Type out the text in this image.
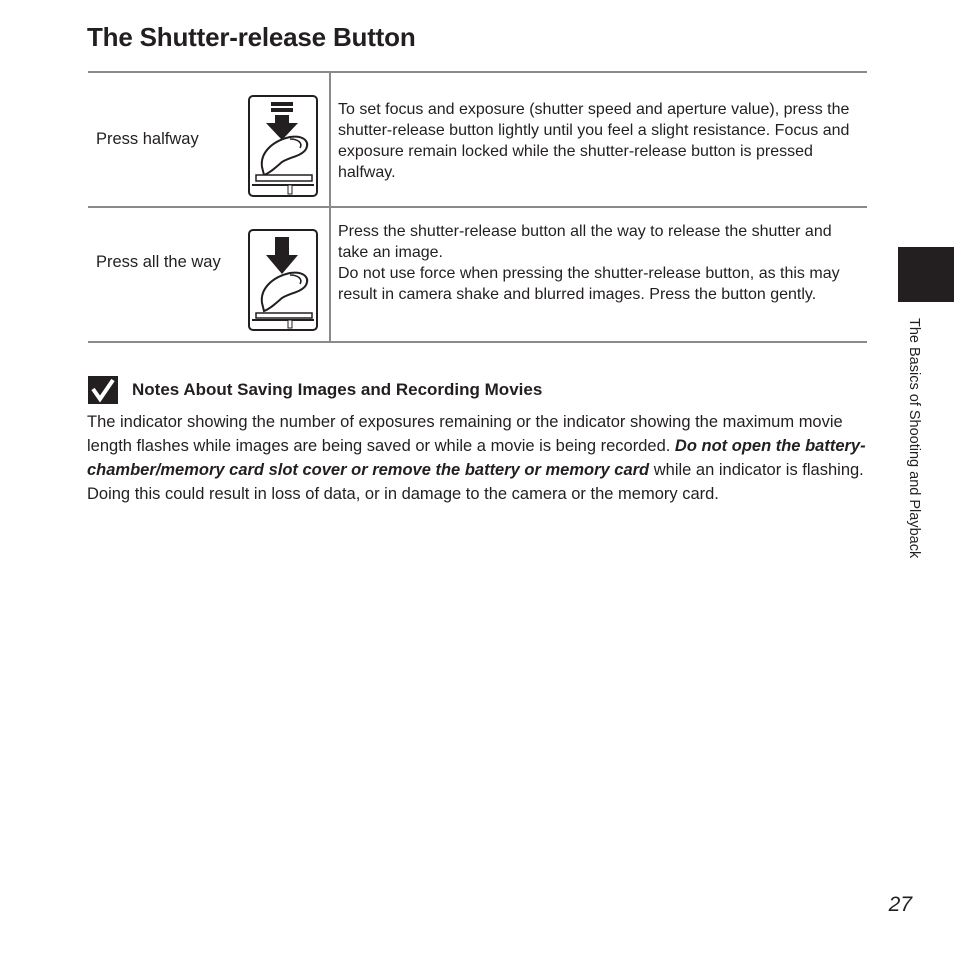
The Shutter-release Button
Press halfway

To set focus and exposure (shutter speed and aperture value), press the shutter-release button lightly until you feel a slight resistance. Focus and exposure remain locked while the shutter-release button is pressed halfway.

Press all the way

Press the shutter-release button all the way to release the shutter and take an image.

Do not use force when pressing the shutter-release button, as this may result in camera shake and blurred images. Press the button gently.

Notes About Saving Images and Recording Movies

The indicator showing the number of exposures remaining or the indicator showing the maximum movie length flashes while images are being saved or while a movie is being recorded. Do not open the battery-chamber/memory card slot cover or remove the battery or memory card while an indicator is flashing. Doing this could result in loss of data, or in damage to the camera or the memory card.	The Basics of Shooting and Playback
27
